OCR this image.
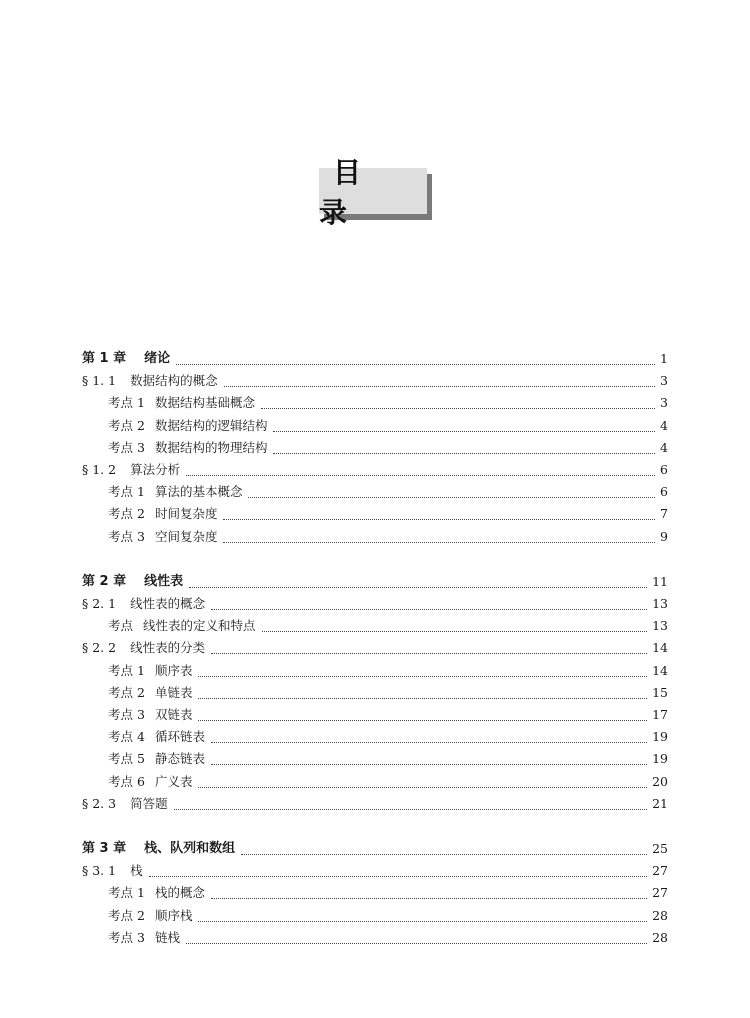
目 录
第 1 章 绪论	1
§ 1. 1 数据结构的概念	3
考点 1 数据结构基础概念	3
考点 2 数据结构的逻辑结构	4
考点 3 数据结构的物理结构	4
§ 1. 2 算法分析	6
考点 1 算法的基本概念	6
考点 2 时间复杂度	7
考点 3 空间复杂度	9
第 2 章 线性表	11
§ 2. 1 线性表的概念	13
考点 线性表的定义和特点	13
§ 2. 2 线性表的分类	14
考点 1 顺序表	14
考点 2 单链表	15
考点 3 双链表	17
考点 4 循环链表	19
考点 5 静态链表	19
考点 6 广义表	20
§ 2. 3 简答题	21
第 3 章 栈、队列和数组	25
§ 3. 1 栈	27
考点 1 栈的概念	27
考点 2 顺序栈	28
考点 3 链栈	28
